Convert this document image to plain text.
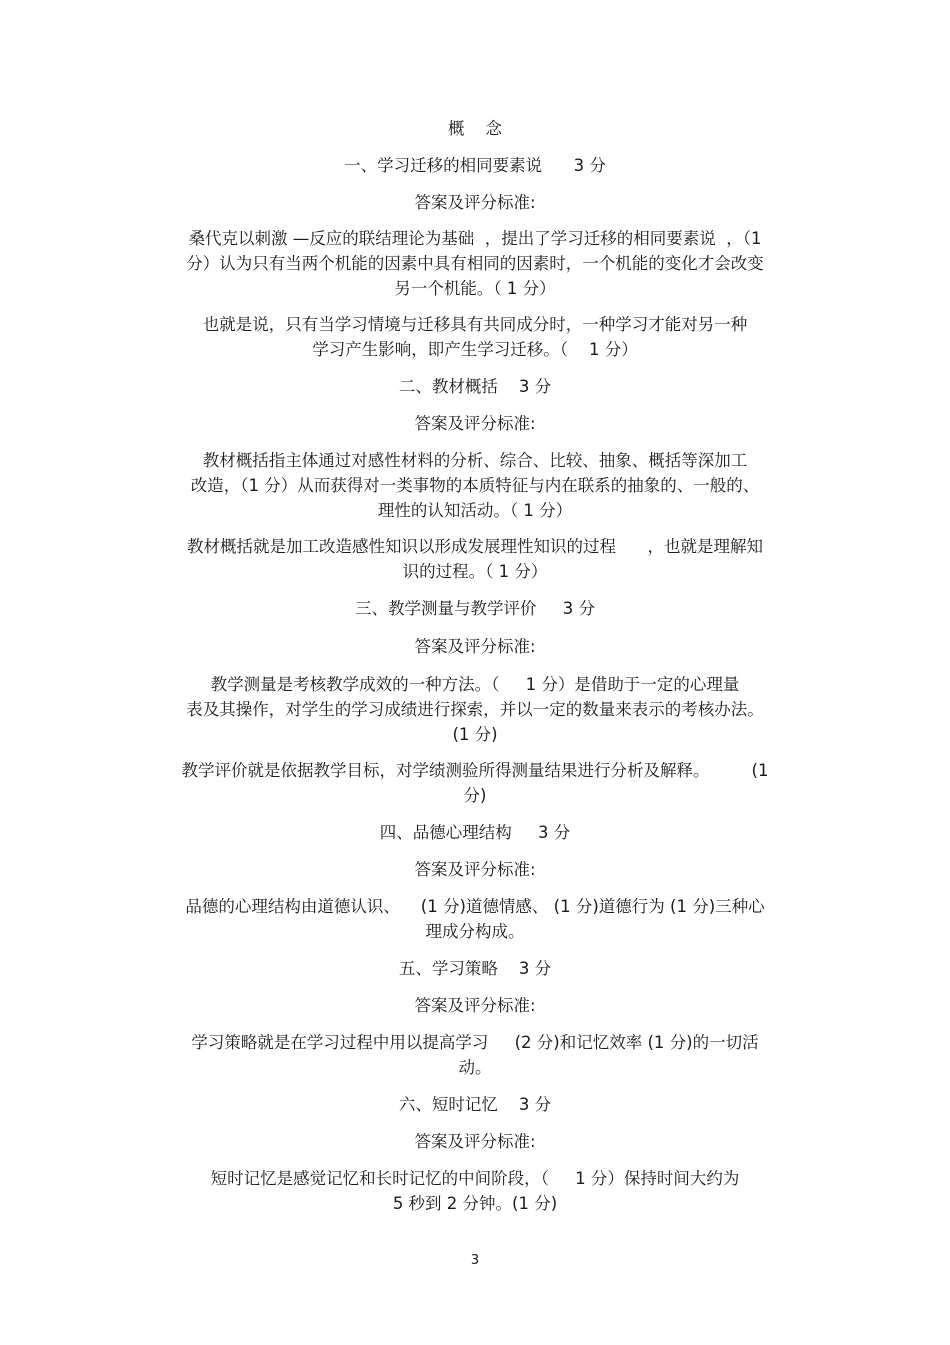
概    念
一、学习迁移的相同要素说      3 分
答案及评分标准:
桑代克以刺激 —反应的联结理论为基础  ，提出了学习迁移的相同要素说  ，（1
分）认为只有当两个机能的因素中具有相同的因素时，一个机能的变化才会改变
另一个机能。（ 1 分）
也就是说，只有当学习情境与迁移具有共同成分时，一种学习才能对另一种
学习产生影响，即产生学习迁移。（    1 分）
二、教材概括    3 分
答案及评分标准:
教材概括指主体通过对感性材料的分析、综合、比较、抽象、概括等深加工
改造，（1 分）从而获得对一类事物的本质特征与内在联系的抽象的、一般的、
理性的认知活动。（ 1 分）
教材概括就是加工改造感性知识以形成发展理性知识的过程      ，也就是理解知
识的过程。（ 1 分）
三、教学测量与教学评价     3 分
答案及评分标准:
教学测量是考核教学成效的一种方法。（     1 分）是借助于一定的心理量
表及其操作，对学生的学习成绩进行探索，并以一定的数量来表示的考核办法。
(1 分)
教学评价就是依据教学目标，对学绩测验所得测量结果进行分析及解释。        (1
分)
四、品德心理结构     3 分
答案及评分标准:
品德的心理结构由道德认识、    (1 分)道德情感、 (1 分)道德行为 (1 分)三种心
理成分构成。
五、学习策略    3 分
答案及评分标准:
学习策略就是在学习过程中用以提高学习     (2 分)和记忆效率 (1 分)的一切活
动。
六、短时记忆    3 分
答案及评分标准:
短时记忆是感觉记忆和长时记忆的中间阶段，（     1 分）保持时间大约为
5 秒到 2 分钟。(1 分)
3
